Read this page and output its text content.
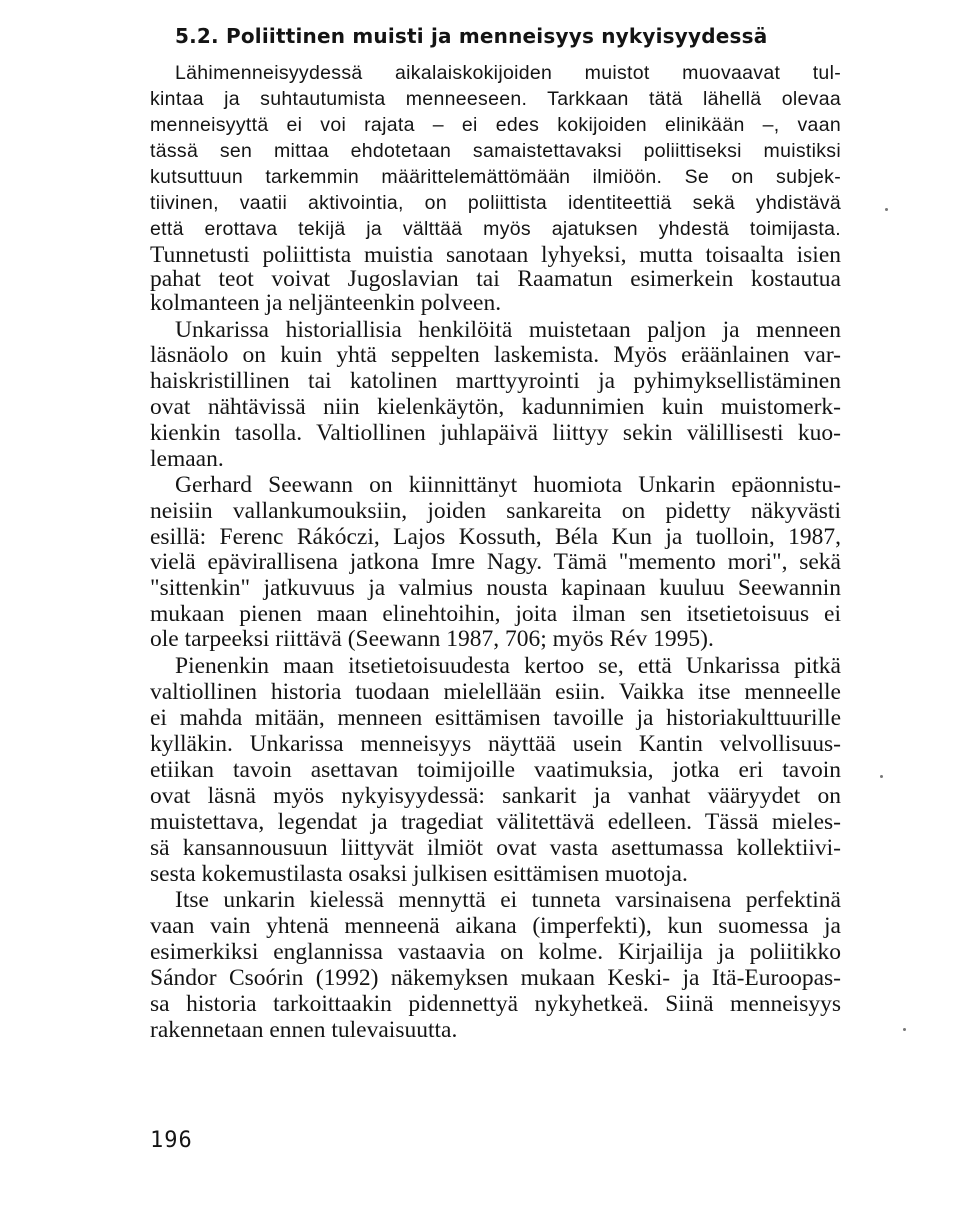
5.2. Poliittinen muisti ja menneisyys nykyisyydessä
Lähimenneisyydessä aikalaiskokijoiden muistot muovaavat tul-
kintaa ja suhtautumista menneeseen. Tarkkaan tätä lähellä olevaa
menneisyyttä ei voi rajata – ei edes kokijoiden elinikään –, vaan
tässä sen mittaa ehdotetaan samaistettavaksi poliittiseksi muistiksi
kutsuttuun tarkemmin määrittelemättömään ilmiöön. Se on subjek-
tiivinen, vaatii aktivointia, on poliittista identiteettiä sekä yhdistävä
että erottava tekijä ja välttää myös ajatuksen yhdestä toimijasta.
Tunnetusti poliittista muistia sanotaan lyhyeksi, mutta toisaalta isien
pahat teot voivat Jugoslavian tai Raamatun esimerkein kostautua
kolmanteen ja neljänteenkin polveen.
Unkarissa historiallisia henkilöitä muistetaan paljon ja menneen
läsnäolo on kuin yhtä seppelten laskemista. Myös eräänlainen var-
haiskristillinen tai katolinen marttyyrointi ja pyhimyksellistäminen
ovat nähtävissä niin kielenkäytön, kadunnimien kuin muistomerk-
kienkin tasolla. Valtiollinen juhlapäivä liittyy sekin välillisesti kuo-
lemaan.
Gerhard Seewann on kiinnittänyt huomiota Unkarin epäonnistu-
neisiin vallankumouksiin, joiden sankareita on pidetty näkyvästi
esillä: Ferenc Rákóczi, Lajos Kossuth, Béla Kun ja tuolloin, 1987,
vielä epävirallisena jatkona Imre Nagy. Tämä "memento mori", sekä
"sittenkin" jatkuvuus ja valmius nousta kapinaan kuuluu Seewannin
mukaan pienen maan elinehtoihin, joita ilman sen itsetietoisuus ei
ole tarpeeksi riittävä (Seewann 1987, 706; myös Rév 1995).
Pienenkin maan itsetietoisuudesta kertoo se, että Unkarissa pitkä
valtiollinen historia tuodaan mielellään esiin. Vaikka itse menneelle
ei mahda mitään, menneen esittämisen tavoille ja historiakulttuurille
kylläkin. Unkarissa menneisyys näyttää usein Kantin velvollisuus-
etiikan tavoin asettavan toimijoille vaatimuksia, jotka eri tavoin
ovat läsnä myös nykyisyydessä: sankarit ja vanhat vääryydet on
muistettava, legendat ja tragediat välitettävä edelleen. Tässä mieles-
sä kansannousuun liittyvät ilmiöt ovat vasta asettumassa kollektiivi-
sesta kokemustilasta osaksi julkisen esittämisen muotoja.
Itse unkarin kielessä mennyttä ei tunneta varsinaisena perfektinä
vaan vain yhtenä menneenä aikana (imperfekti), kun suomessa ja
esimerkiksi englannissa vastaavia on kolme. Kirjailija ja poliitikko
Sándor Csoórin (1992) näkemyksen mukaan Keski- ja Itä-Euroopas-
sa historia tarkoittaakin pidennettyä nykyhetkeä. Siinä menneisyys
rakennetaan ennen tulevaisuutta.
196
